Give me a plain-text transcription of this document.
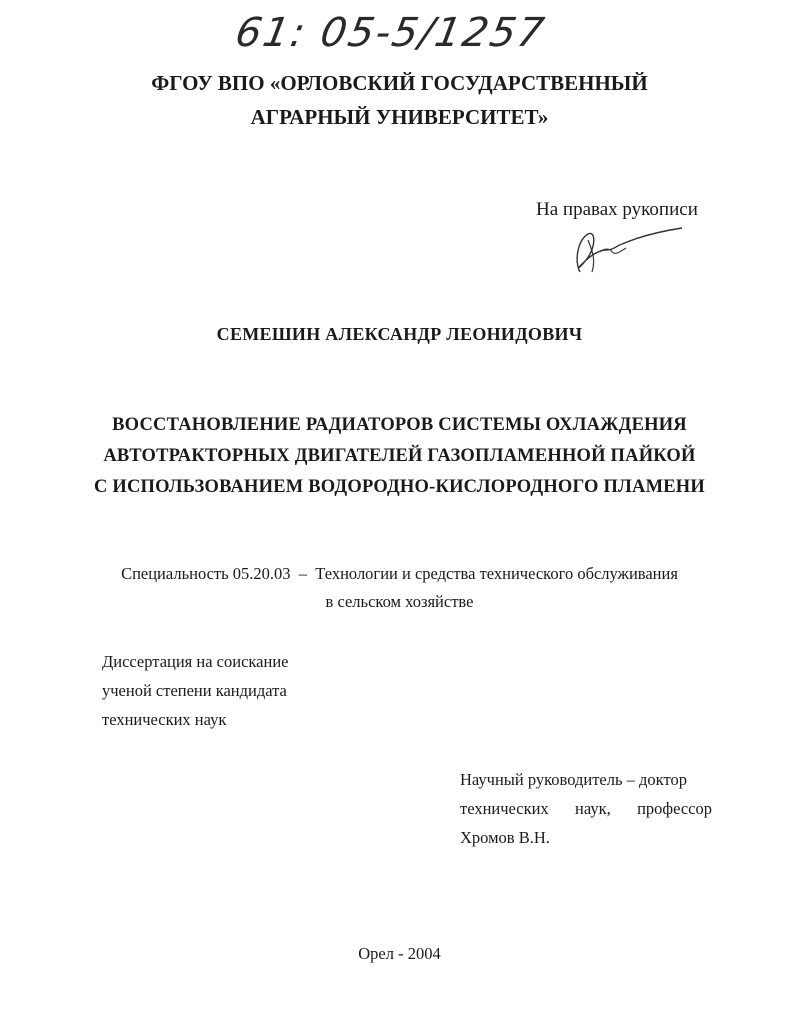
61: 05-5/1257
ФГОУ ВПО «ОРЛОВСКИЙ ГОСУДАРСТВЕННЫЙ
АГРАРНЫЙ УНИВЕРСИТЕТ»
На правах рукописи
СЕМЕШИН АЛЕКСАНДР ЛЕОНИДОВИЧ
ВОССТАНОВЛЕНИЕ РАДИАТОРОВ СИСТЕМЫ ОХЛАЖДЕНИЯ
АВТОТРАКТОРНЫХ ДВИГАТЕЛЕЙ ГАЗОПЛАМЕННОЙ ПАЙКОЙ
С ИСПОЛЬЗОВАНИЕМ ВОДОРОДНО-КИСЛОРОДНОГО ПЛАМЕНИ
Специальность 05.20.03  –  Технологии и средства технического обслуживания
в сельском хозяйстве
Диссертация на соискание
ученой степени кандидата
технических наук
Научный руководитель – доктор
технических наук, профессор
Хромов В.Н.
Орел - 2004
